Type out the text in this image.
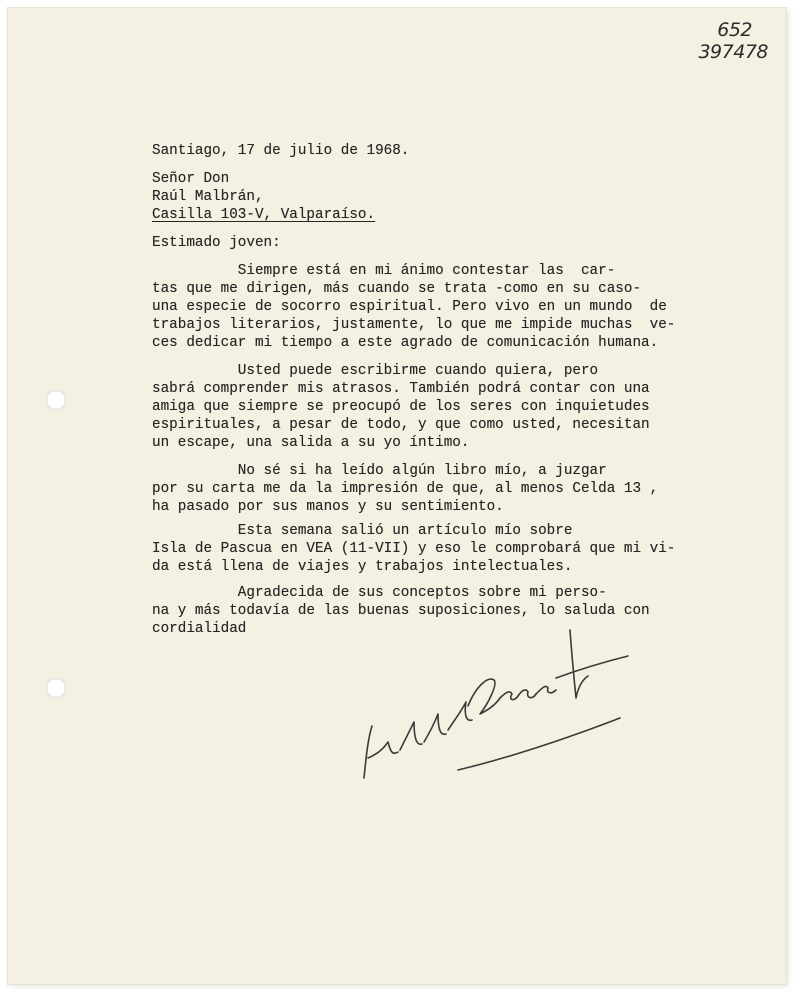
652
397478
Santiago, 17 de julio de 1968.
Señor Don
Raúl Malbrán,
Casilla 103-V, Valparaíso.
Estimado joven:
Siempre está en mi ánimo contestar las  car-
tas que me dirigen, más cuando se trata -como en su caso-
una especie de socorro espiritual. Pero vivo en un mundo  de
trabajos literarios, justamente, lo que me impide muchas  ve-
ces dedicar mi tiempo a este agrado de comunicación humana.
Usted puede escribirme cuando quiera, pero
sabrá comprender mis atrasos. También podrá contar con una
amiga que siempre se preocupó de los seres con inquietudes
espirituales, a pesar de todo, y que como usted, necesitan
un escape, una salida a su yo íntimo.
No sé si ha leído algún libro mío, a juzgar
por su carta me da la impresión de que, al menos Celda 13 ,
ha pasado por sus manos y su sentimiento.
Esta semana salió un artículo mío sobre
Isla de Pascua en VEA (11-VII) y eso le comprobará que mi vi-
da está llena de viajes y trabajos intelectuales.
Agradecida de sus conceptos sobre mi perso-
na y más todavía de las buenas suposiciones, lo saluda con
cordialidad
